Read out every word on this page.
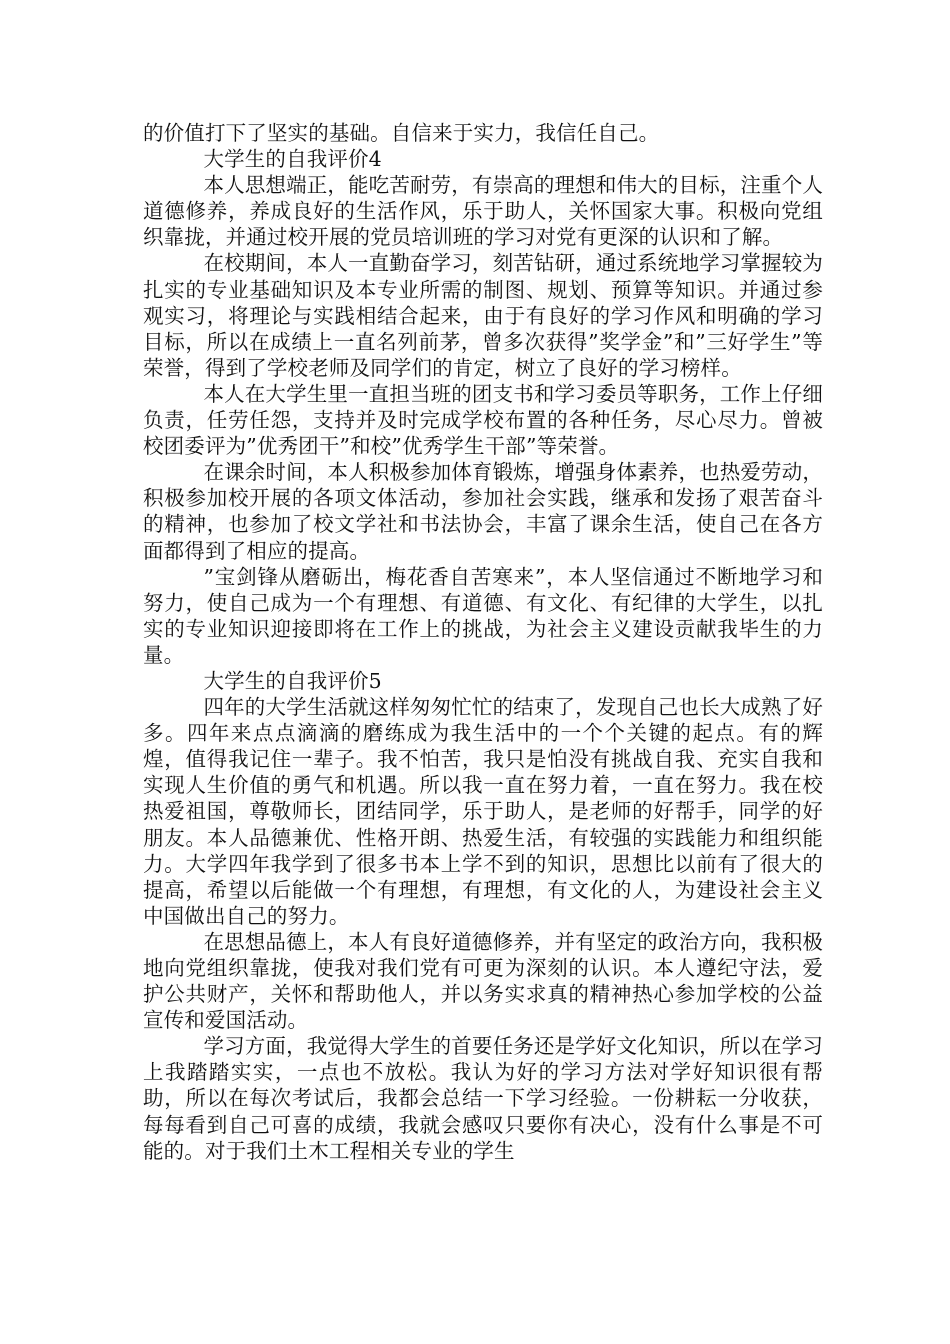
的价值打下了坚实的基础。自信来于实力，我信任自己。

大学生的自我评价4

本人思想端正，能吃苦耐劳，有崇高的理想和伟大的目标，注重个人道德修养，养成良好的生活作风，乐于助人，关怀国家大事。积极向党组织靠拢，并通过校开展的党员培训班的学习对党有更深的认识和了解。

在校期间，本人一直勤奋学习，刻苦钻研，通过系统地学习掌握较为扎实的专业基础知识及本专业所需的制图、规划、预算等知识。并通过参观实习，将理论与实践相结合起来，由于有良好的学习作风和明确的学习目标，所以在成绩上一直名列前茅，曾多次获得”奖学金”和”三好学生”等荣誉，得到了学校老师及同学们的肯定，树立了良好的学习榜样。

本人在大学生里一直担当班的团支书和学习委员等职务，工作上仔细负责，任劳任怨，支持并及时完成学校布置的各种任务，尽心尽力。曾被校团委评为”优秀团干”和校”优秀学生干部”等荣誉。

在课余时间，本人积极参加体育锻炼，增强身体素养，也热爱劳动，积极参加校开展的各项文体活动，参加社会实践，继承和发扬了艰苦奋斗的精神，也参加了校文学社和书法协会，丰富了课余生活，使自己在各方面都得到了相应的提高。

”宝剑锋从磨砺出，梅花香自苦寒来”，本人坚信通过不断地学习和努力，使自己成为一个有理想、有道德、有文化、有纪律的大学生，以扎实的专业知识迎接即将在工作上的挑战，为社会主义建设贡献我毕生的力量。

大学生的自我评价5

四年的大学生活就这样匆匆忙忙的结束了，发现自己也长大成熟了好多。四年来点点滴滴的磨练成为我生活中的一个个关键的起点。有的辉煌，值得我记住一辈子。我不怕苦，我只是怕没有挑战自我、充实自我和实现人生价值的勇气和机遇。所以我一直在努力着，一直在努力。我在校热爱祖国，尊敬师长，团结同学，乐于助人，是老师的好帮手，同学的好朋友。本人品德兼优、性格开朗、热爱生活，有较强的实践能力和组织能力。大学四年我学到了很多书本上学不到的知识，思想比以前有了很大的提高，希望以后能做一个有理想，有理想，有文化的人，为建设社会主义中国做出自己的努力。

在思想品德上，本人有良好道德修养，并有坚定的政治方向，我积极地向党组织靠拢，使我对我们党有可更为深刻的认识。本人遵纪守法，爱护公共财产，关怀和帮助他人，并以务实求真的精神热心参加学校的公益宣传和爱国活动。

学习方面，我觉得大学生的首要任务还是学好文化知识，所以在学习上我踏踏实实，一点也不放松。我认为好的学习方法对学好知识很有帮助，所以在每次考试后，我都会总结一下学习经验。一份耕耘一分收获，每每看到自己可喜的成绩，我就会感叹只要你有决心，没有什么事是不可能的。对于我们土木工程相关专业的学生
